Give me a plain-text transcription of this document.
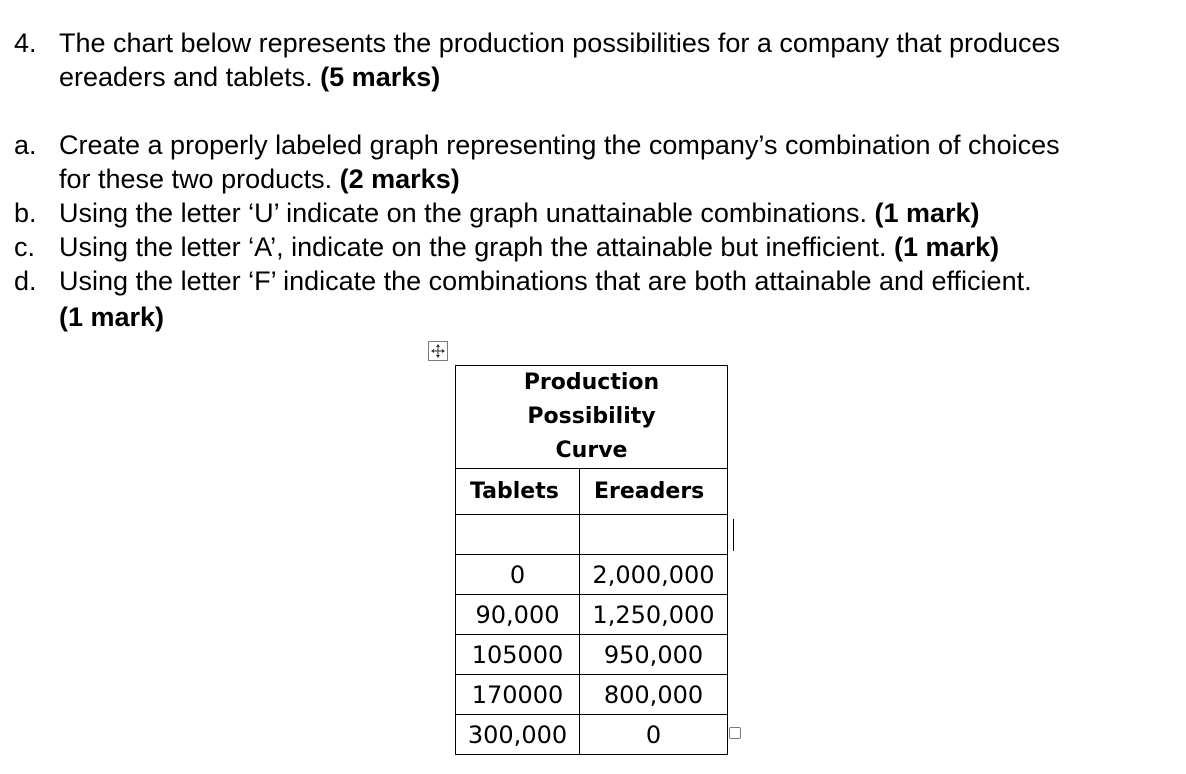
4. The chart below represents the production possibilities for a company that produces
ereaders and tablets. (5 marks)
a. Create a properly labeled graph representing the company’s combination of choices
for these two products. (2 marks)
b. Using the letter ‘U’ indicate on the graph unattainable combinations. (1 mark)
c. Using the letter ‘A’, indicate on the graph the attainable but inefficient. (1 mark)
d. Using the letter ‘F’ indicate the combinations that are both attainable and efficient.
(1 mark)
Production Possibility
Curve	

Tablets	Ereaders

0	2,000,000
90,000	1,250,000
105000	950,000
170000	800,000
300,000	0
